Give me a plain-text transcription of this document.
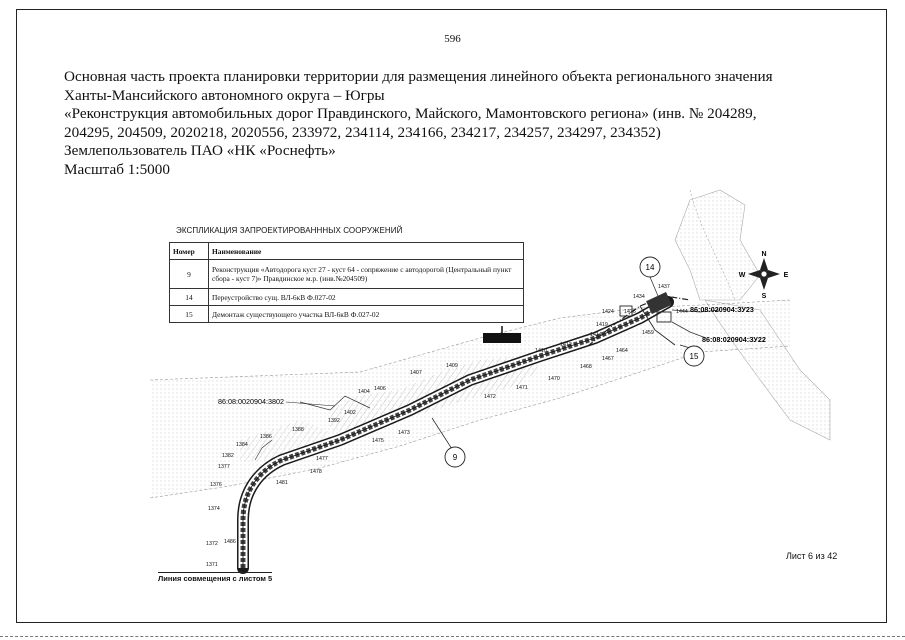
596
Основная часть проекта планировки территории для размещения линейного объекта регионального значения
Ханты-Мансийского автономного округа – Югры
«Реконструкция автомобильных дорог Правдинского, Майского, Мамонтовского региона» (инв. № 204289,
204295, 204509, 2020218, 2020556, 233972, 234114, 234166, 234217, 234257, 234297, 234352)
Землепользователь ПАО «НК «Роснефть»
Масштаб 1:5000
9
14
15
86:08:0020904:3802
86:08:020904:ЗУ23
86:08:020904:ЗУ22
N
S
W	E
1371
1372
1374
1376
1377
1382
1384
1386
1388
1392
1402
1404 1406
1407
1409
1410
1412
1414
1419
1424 1426
1434
1437
1444
1459
1464
1467
1468
1470
1471
1472
1473
1475
1477
1478
1481
1486
ЭКСПЛИКАЦИЯ ЗАПРОЕКТИРОВАНННЫХ СООРУЖЕНИЙ
Номер	Наименование
9	Реконструкция «Автодорога куст 27 - куст 64 - сопряжение с автодорогой (Центральный пункт сбора - куст 7)» Правдинское м.р. (инв.№204509)
14	Переустройство сущ. ВЛ-6кВ Ф.027-02
15	Демонтаж существующего участка ВЛ-6кВ Ф.027-02
Лист 6 из 42
Линия совмещения с листом 5
